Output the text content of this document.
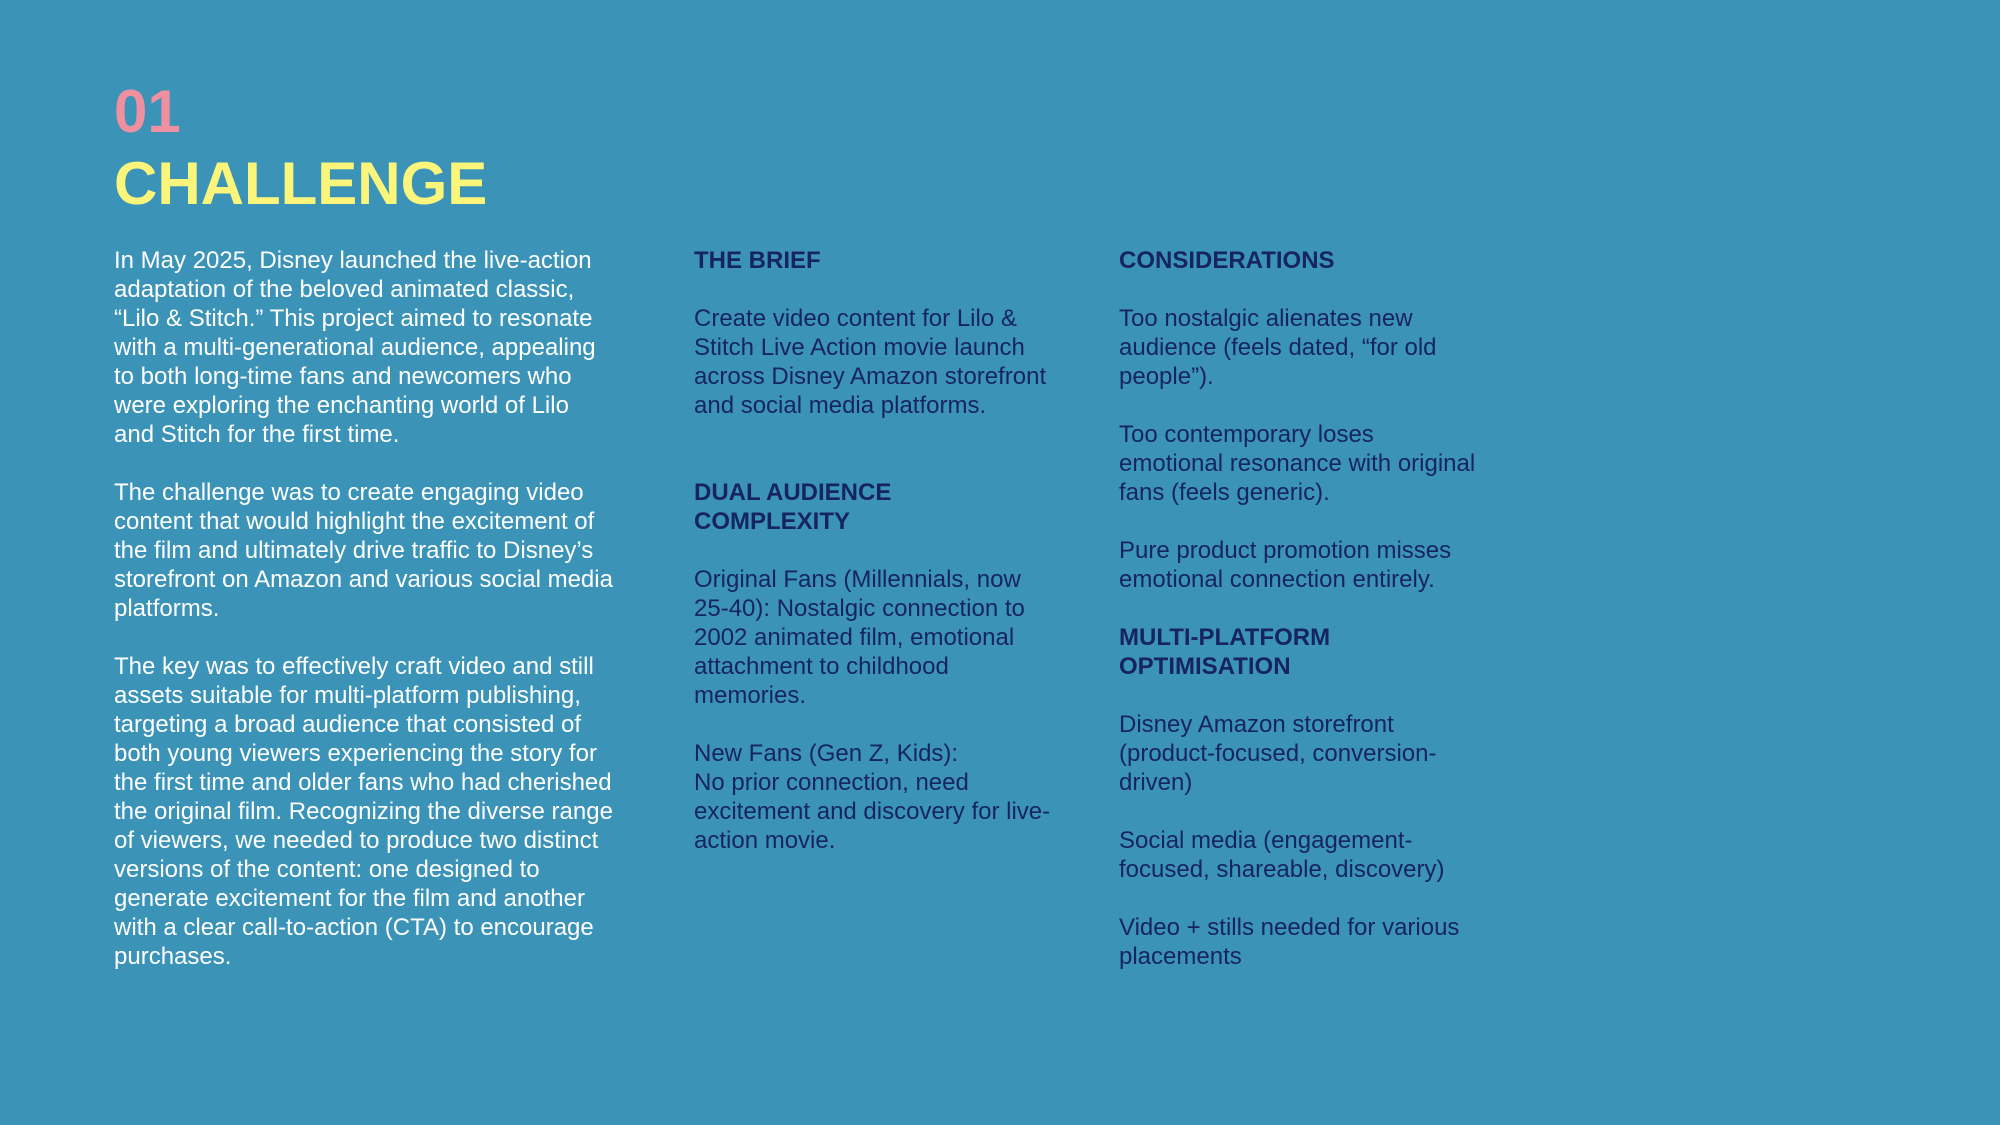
01
CHALLENGE

In May 2025, Disney launched the live-action adaptation of the beloved animated classic, “Lilo & Stitch.” This project aimed to resonate with a multi-generational audience, appealing to both long-time fans and newcomers who were exploring the enchanting world of Lilo and Stitch for the first time.

The challenge was to create engaging video content that would highlight the excitement of the film and ultimately drive traffic to Disney’s storefront on Amazon and various social media platforms.

The key was to effectively craft video and still assets suitable for multi-platform publishing, targeting a broad audience that consisted of both young viewers experiencing the story for the first time and older fans who had cherished the original film. Recognizing the diverse range of viewers, we needed to produce two distinct versions of the content: one designed to generate excitement for the film and another with a clear call-to-action (CTA) to encourage purchases.

THE BRIEF

Create video content for Lilo & Stitch Live Action movie launch across Disney Amazon storefront and social media platforms.

DUAL AUDIENCE COMPLEXITY

Original Fans (Millennials, now 25-40): Nostalgic connection to 2002 animated film, emotional attachment to childhood memories.

New Fans (Gen Z, Kids):
No prior connection, need excitement and discovery for live-action movie.

CONSIDERATIONS

Too nostalgic alienates new audience (feels dated, “for old people”).

Too contemporary loses emotional resonance with original fans (feels generic).

Pure product promotion misses emotional connection entirely.

MULTI-PLATFORM OPTIMISATION

Disney Amazon storefront (product-focused, conversion-driven)

Social media (engagement-focused, shareable, discovery)

Video + stills needed for various placements
